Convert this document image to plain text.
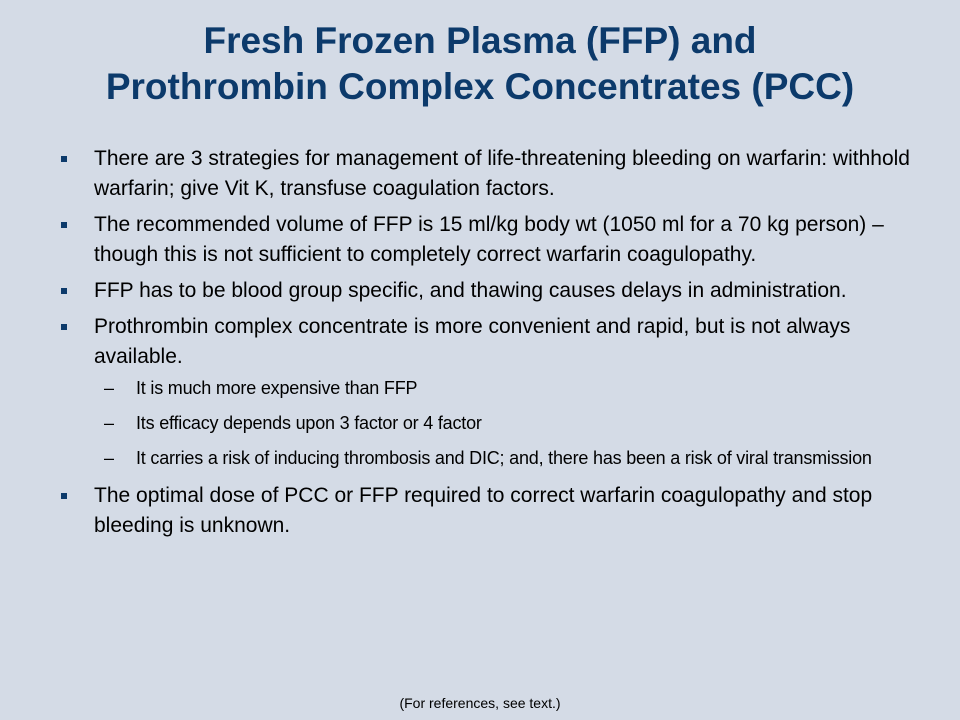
Fresh Frozen Plasma (FFP) and
Prothrombin Complex Concentrates (PCC)
There are 3 strategies for management of life-threatening bleeding on warfarin: withhold warfarin; give Vit K, transfuse coagulation factors.
The recommended volume of FFP is 15 ml/kg body wt (1050 ml for a 70 kg person) – though this is not sufficient to completely correct warfarin coagulopathy.
FFP has to be blood group specific, and thawing causes delays in administration.
Prothrombin complex concentrate is more convenient and rapid, but is not always available.
– It is much more expensive than FFP
– Its efficacy depends upon 3 factor or 4 factor
– It carries a risk of inducing thrombosis and DIC; and, there has been a risk of viral transmission
The optimal dose of PCC or FFP required to correct warfarin coagulopathy and stop bleeding is unknown.
(For references, see text.)
